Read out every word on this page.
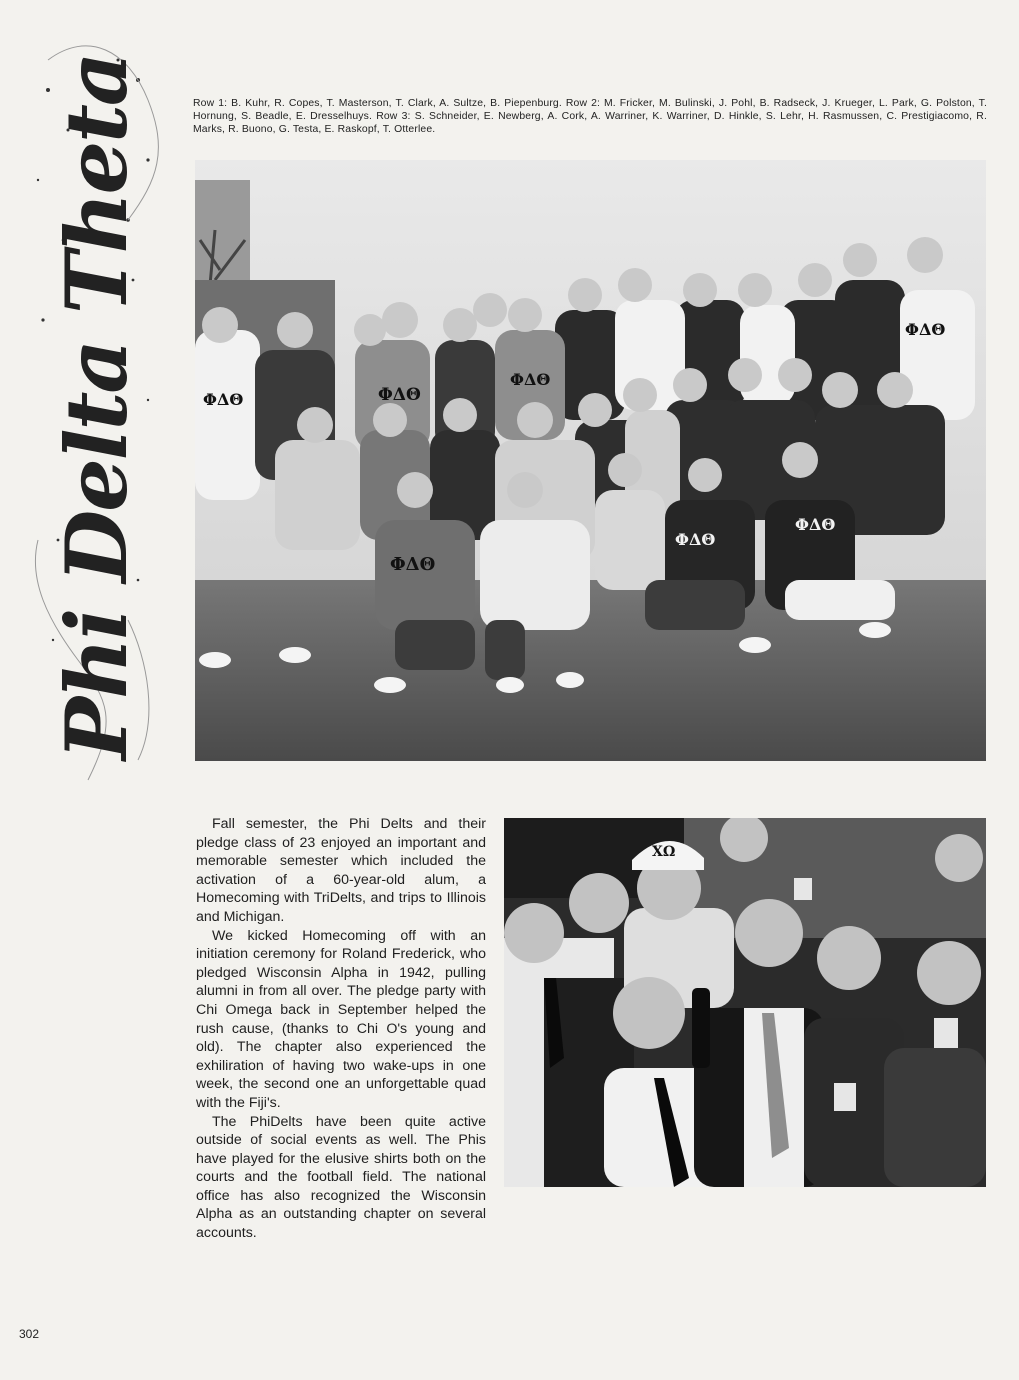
Phi Delta Theta	Row 1: B. Kuhr, R. Copes, T. Masterson, T. Clark, A. Sultze, B. Piepenburg. Row 2: M. Fricker, M. Bulinski, J. Pohl, B. Radseck, J. Krueger, L. Park, G. Polston, T. Hornung, S. Beadle, E. Dresselhuys. Row 3: S. Schneider, E. Newberg, A. Cork, A. Warriner, K. Warriner, D. Hinkle, S. Lehr, H. Rasmussen, C. Prestigiacomo, R. Marks, R. Buono, G. Testa, E. Raskopf, T. Otterlee.

ΦΔΘ	ΦΔΘ
ΦΔΘ
ΦΔΘ
ΦΔΘ
ΦΔΘ
ΦΔΘ

Fall semester, the Phi Delts and their pledge class of 23 enjoyed an important and memorable semester which included the activation of a 60-year-old alum, a Homecoming with TriDelts, and trips to Illinois and Michigan.

We kicked Homecoming off with an initiation ceremony for Roland Frederick, who pledged Wisconsin Alpha in 1942, pulling alumni in from all over. The pledge party with Chi Omega back in September helped the rush cause, (thanks to Chi O's young and old). The chapter also experienced the exhiliration of having two wake-ups in one week, the second one an unforgettable quad with the Fiji's.

The PhiDelts have been quite active outside of social events as well. The Phis have played for the elusive shirts both on the courts and the football field. The national office has also recognized the Wisconsin Alpha as an outstanding chapter on several accounts.

ΧΩ
302
